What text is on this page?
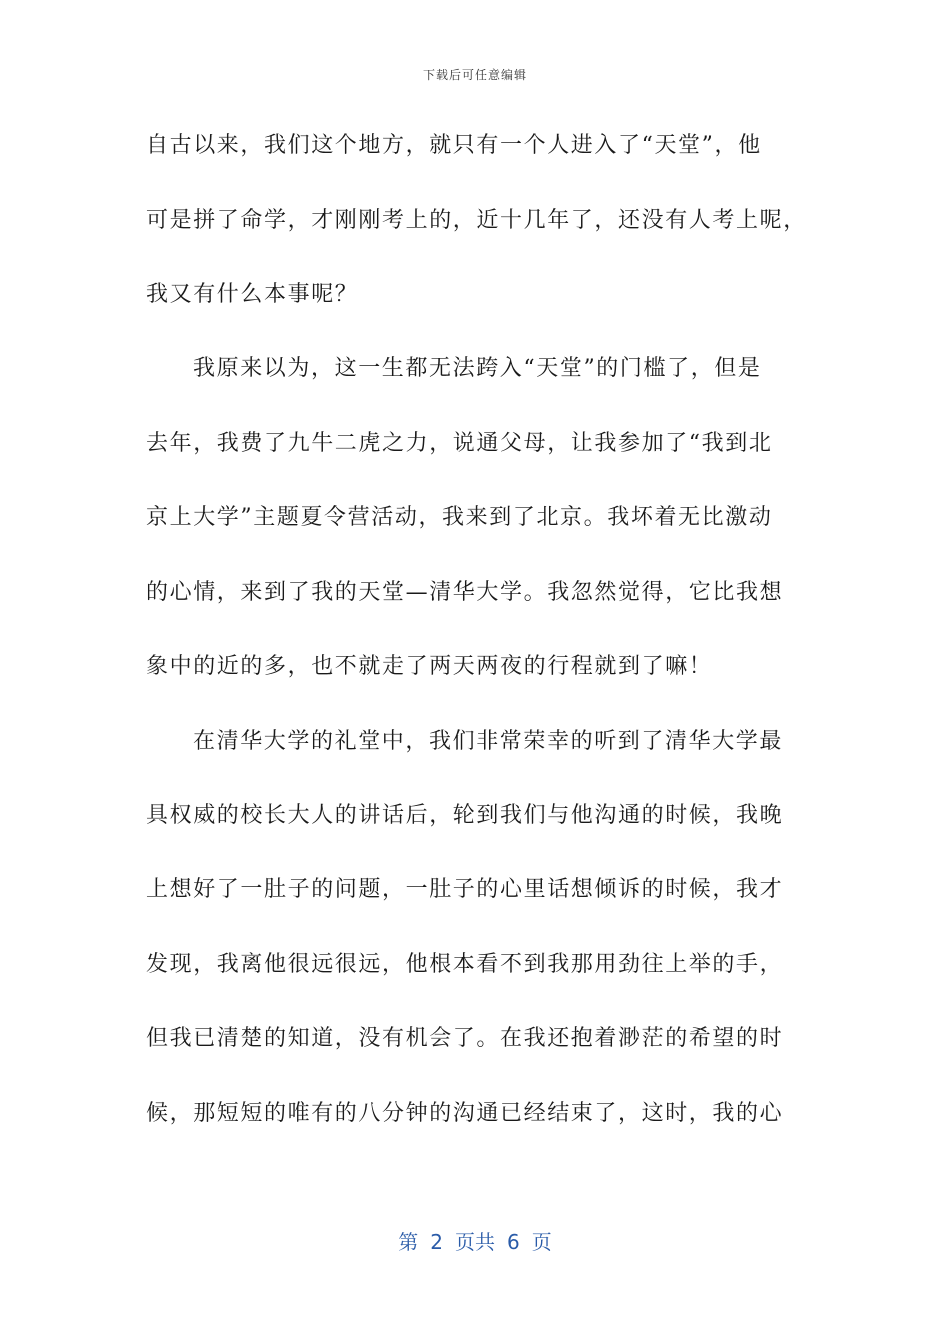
下载后可任意编辑
自古以来，我们这个地方，就只有一个人进入了“天堂”，他
可是拼了命学，才刚刚考上的，近十几年了，还没有人考上呢，
我又有什么本事呢？
我原来以为，这一生都无法跨入“天堂”的门槛了，但是
去年，我费了九牛二虎之力，说通父母，让我参加了“我到北
京上大学”主题夏令营活动，我来到了北京。我坏着无比激动
的心情，来到了我的天堂—清华大学。我忽然觉得，它比我想
象中的近的多，也不就走了两天两夜的行程就到了嘛！
在清华大学的礼堂中，我们非常荣幸的听到了清华大学最
具权威的校长大人的讲话后，轮到我们与他沟通的时候，我晚
上想好了一肚子的问题，一肚子的心里话想倾诉的时候，我才
发现，我离他很远很远，他根本看不到我那用劲往上举的手，
但我已清楚的知道，没有机会了。在我还抱着渺茫的希望的时
候，那短短的唯有的八分钟的沟通已经结束了，这时，我的心
第 2 页共 6 页
